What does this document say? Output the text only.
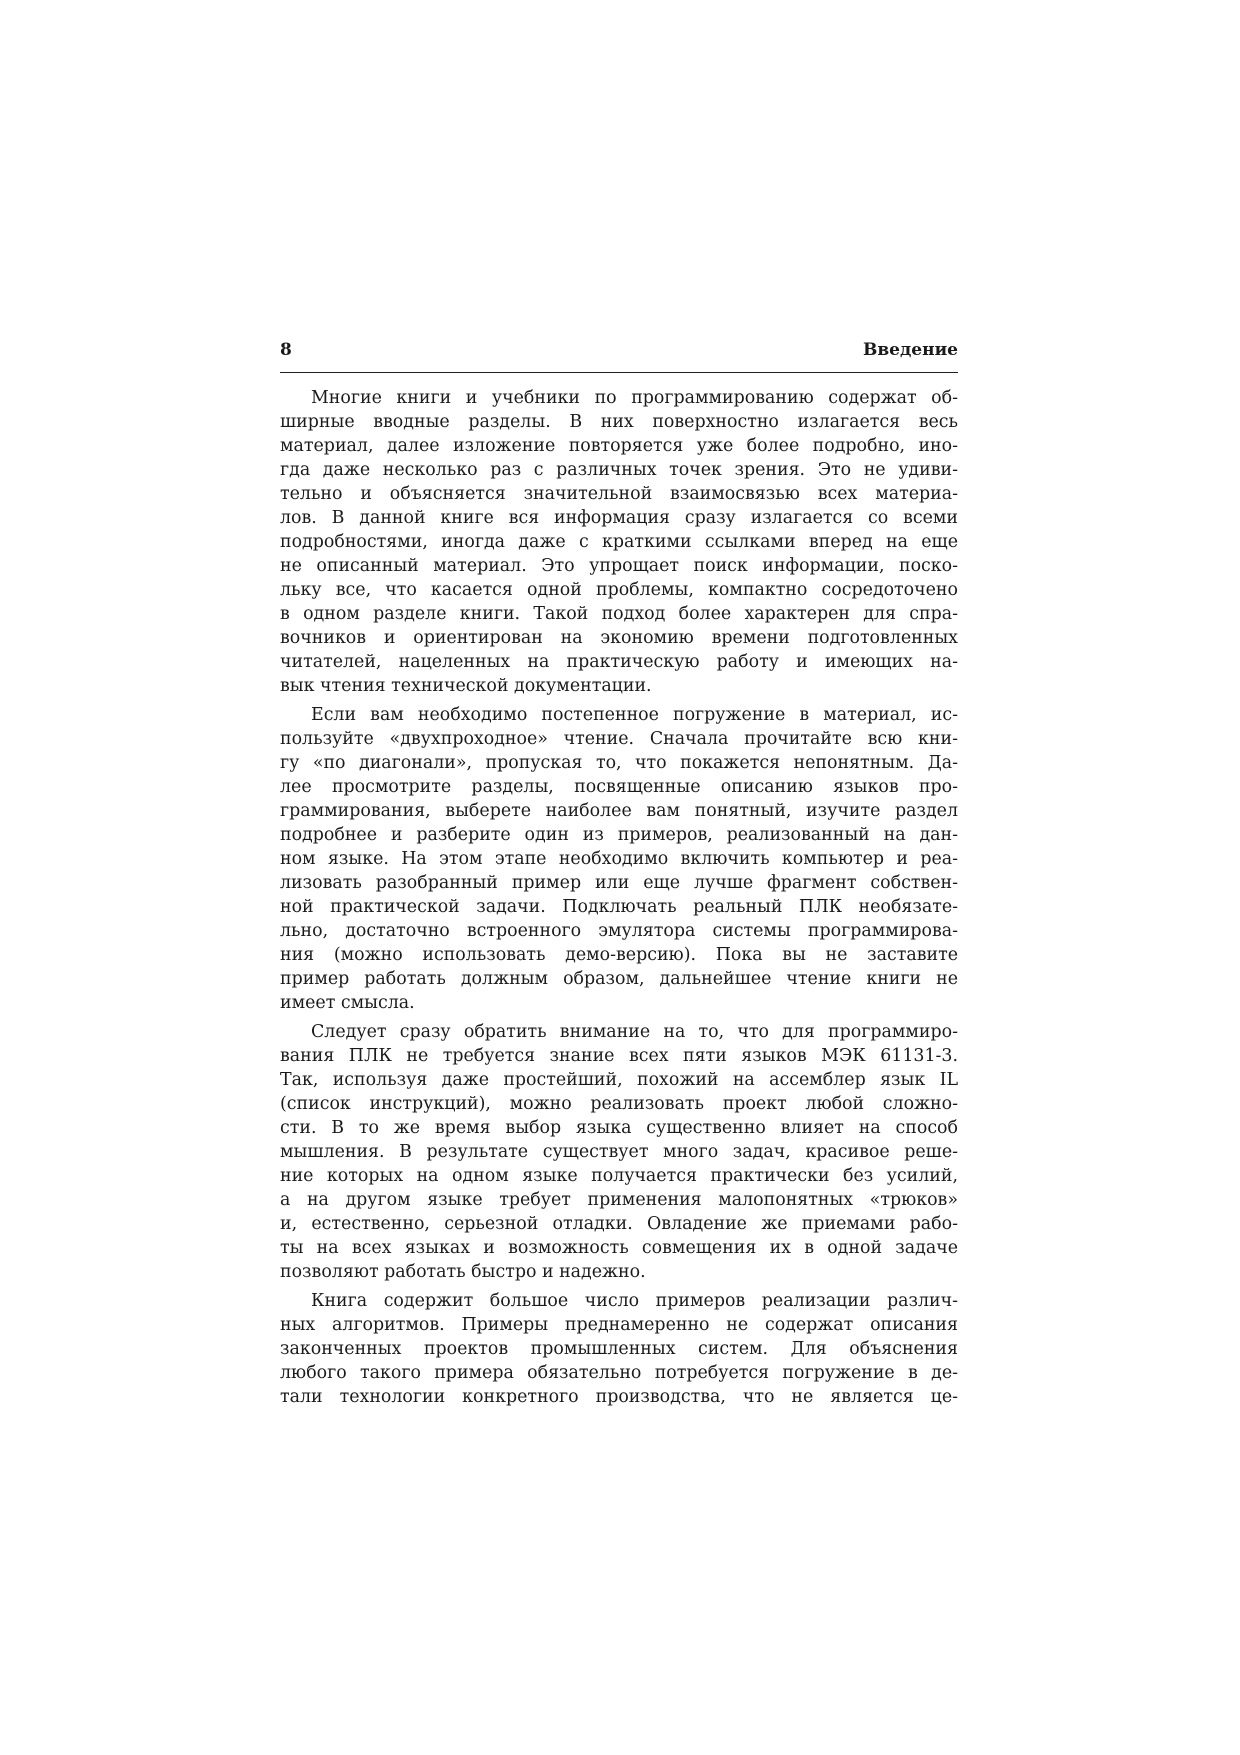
8	Введение
Многие книги и учебники по программированию содержат об-
ширные вводные разделы. В них поверхностно излагается весь
материал, далее изложение повторяется уже более подробно, ино-
гда даже несколько раз с различных точек зрения. Это не удиви-
тельно и объясняется значительной взаимосвязью всех материа-
лов. В данной книге вся информация сразу излагается со всеми
подробностями, иногда даже с краткими ссылками вперед на еще
не описанный материал. Это упрощает поиск информации, поско-
льку все, что касается одной проблемы, компактно сосредоточено
в одном разделе книги. Такой подход более характерен для спра-
вочников и ориентирован на экономию времени подготовленных
читателей, нацеленных на практическую работу и имеющих на-
вык чтения технической документации.
Если вам необходимо постепенное погружение в материал, ис-
пользуйте «двухпроходное» чтение. Сначала прочитайте всю кни-
гу «по диагонали», пропуская то, что покажется непонятным. Да-
лее просмотрите разделы, посвященные описанию языков про-
граммирования, выберете наиболее вам понятный, изучите раздел
подробнее и разберите один из примеров, реализованный на дан-
ном языке. На этом этапе необходимо включить компьютер и реа-
лизовать разобранный пример или еще лучше фрагмент собствен-
ной практической задачи. Подключать реальный ПЛК необязате-
льно, достаточно встроенного эмулятора системы программирова-
ния (можно использовать демо-версию). Пока вы не заставите
пример работать должным образом, дальнейшее чтение книги не
имеет смысла.
Следует сразу обратить внимание на то, что для программиро-
вания ПЛК не требуется знание всех пяти языков МЭК 61131-3.
Так, используя даже простейший, похожий на ассемблер язык IL
(список инструкций), можно реализовать проект любой сложно-
сти. В то же время выбор языка существенно влияет на способ
мышления. В результате существует много задач, красивое реше-
ние которых на одном языке получается практически без усилий,
а на другом языке требует применения малопонятных «трюков»
и, естественно, серьезной отладки. Овладение же приемами рабо-
ты на всех языках и возможность совмещения их в одной задаче
позволяют работать быстро и надежно.
Книга содержит большое число примеров реализации различ-
ных алгоритмов. Примеры преднамеренно не содержат описания
законченных проектов промышленных систем. Для объяснения
любого такого примера обязательно потребуется погружение в де-
тали технологии конкретного производства, что не является це-
